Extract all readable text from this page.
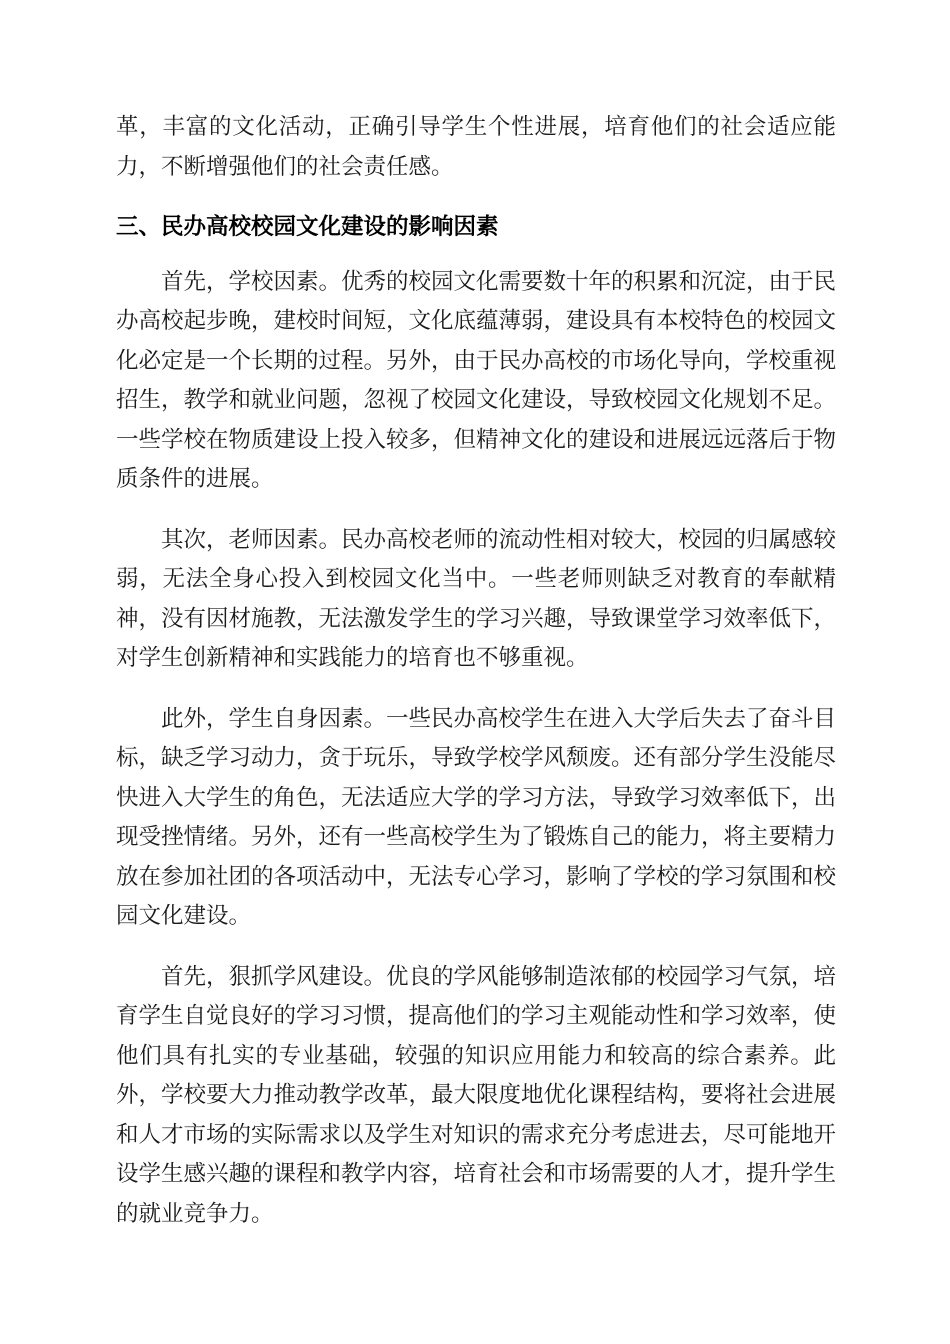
革，丰富的文化活动，正确引导学生个性进展，培育他们的社会适应能力，不断增强他们的社会责任感。

三、民办高校校园文化建设的影响因素

首先，学校因素。优秀的校园文化需要数十年的积累和沉淀，由于民办高校起步晚，建校时间短，文化底蕴薄弱，建设具有本校特色的校园文化必定是一个长期的过程。另外，由于民办高校的市场化导向，学校重视招生，教学和就业问题，忽视了校园文化建设，导致校园文化规划不足。一些学校在物质建设上投入较多，但精神文化的建设和进展远远落后于物质条件的进展。

其次，老师因素。民办高校老师的流动性相对较大，校园的归属感较弱，无法全身心投入到校园文化当中。一些老师则缺乏对教育的奉献精神，没有因材施教，无法激发学生的学习兴趣，导致课堂学习效率低下，对学生创新精神和实践能力的培育也不够重视。

此外，学生自身因素。一些民办高校学生在进入大学后失去了奋斗目标，缺乏学习动力，贪于玩乐，导致学校学风颓废。还有部分学生没能尽快进入大学生的角色，无法适应大学的学习方法，导致学习效率低下，出现受挫情绪。另外，还有一些高校学生为了锻炼自己的能力，将主要精力放在参加社团的各项活动中，无法专心学习，影响了学校的学习氛围和校园文化建设。

首先，狠抓学风建设。优良的学风能够制造浓郁的校园学习气氛，培育学生自觉良好的学习习惯，提高他们的学习主观能动性和学习效率，使他们具有扎实的专业基础，较强的知识应用能力和较高的综合素养。此外，学校要大力推动教学改革，最大限度地优化课程结构，要将社会进展和人才市场的实际需求以及学生对知识的需求充分考虑进去，尽可能地开设学生感兴趣的课程和教学内容，培育社会和市场需要的人才，提升学生的就业竞争力。
